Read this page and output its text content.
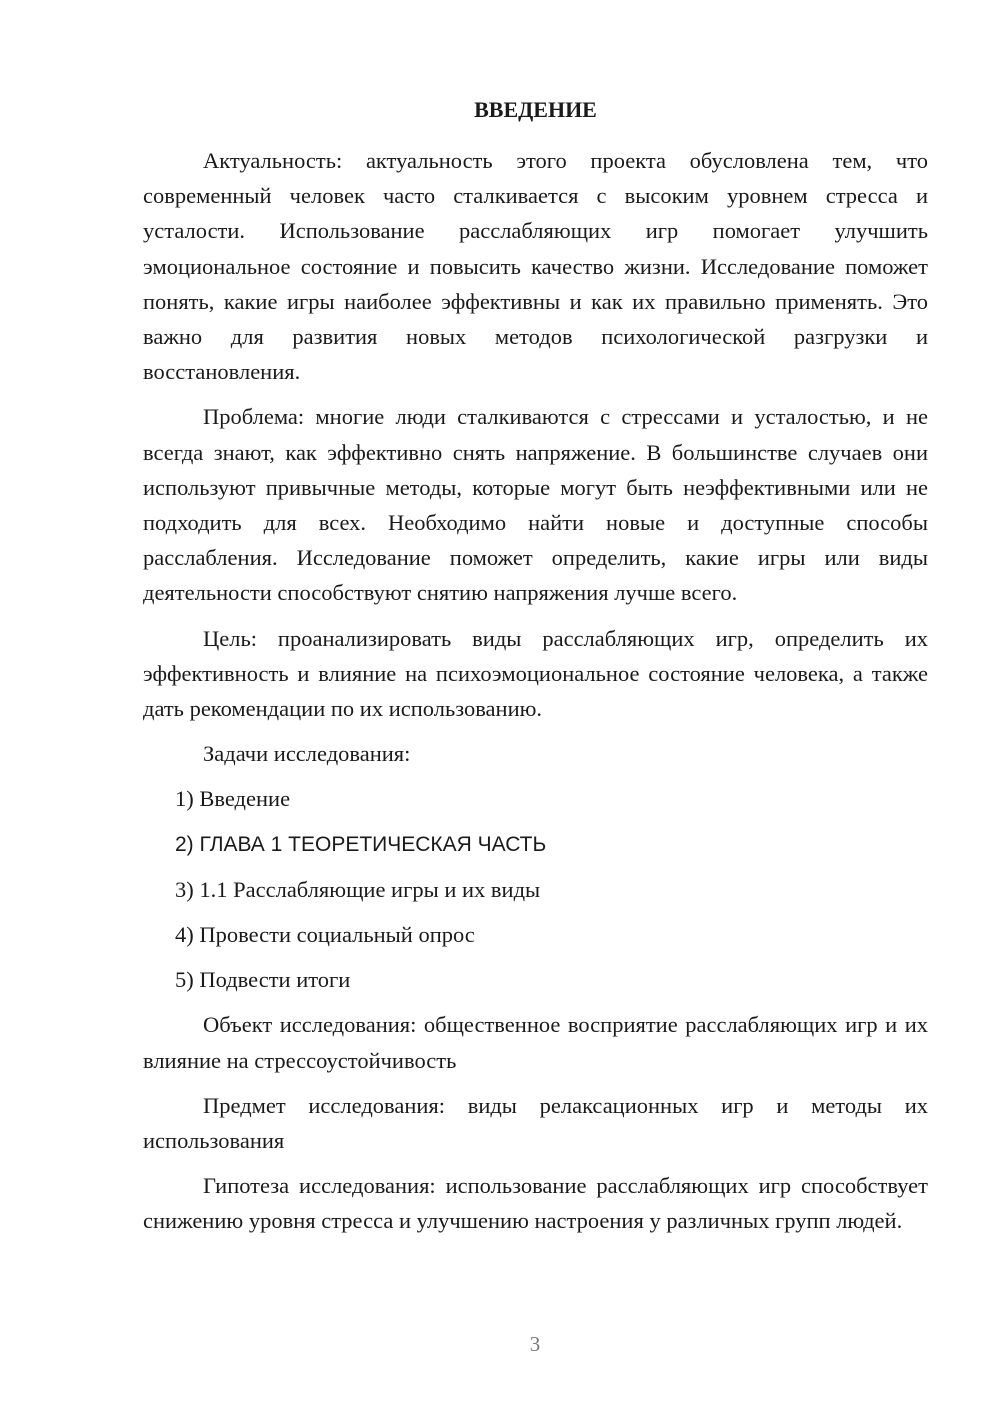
ВВЕДЕНИЕ

Актуальность: актуальность этого проекта обусловлена тем, что современный человек часто сталкивается с высоким уровнем стресса и усталости. Использование расслабляющих игр помогает улучшить эмоциональное состояние и повысить качество жизни. Исследование поможет понять, какие игры наиболее эффективны и как их правильно применять. Это важно для развития новых методов психологической разгрузки и восстановления.

Проблема: многие люди сталкиваются с стрессами и усталостью, и не всегда знают, как эффективно снять напряжение. В большинстве случаев они используют привычные методы, которые могут быть неэффективными или не подходить для всех. Необходимо найти новые и доступные способы расслабления. Исследование поможет определить, какие игры или виды деятельности способствуют снятию напряжения лучше всего.

Цель: проанализировать виды расслабляющих игр, определить их эффективность и влияние на психоэмоциональное состояние человека, а также дать рекомендации по их использованию.

Задачи исследования:

1) Введение

2) ГЛАВА 1 ТЕОРЕТИЧЕСКАЯ ЧАСТЬ

3) 1.1 Расслабляющие игры и их виды

4) Провести социальный опрос

5) Подвести итоги

Объект исследования: общественное восприятие расслабляющих игр и их влияние на стрессоустойчивость

Предмет исследования: виды релаксационных игр и методы их использования

Гипотеза исследования: использование расслабляющих игр способствует снижению уровня стресса и улучшению настроения у различных групп людей.

3
